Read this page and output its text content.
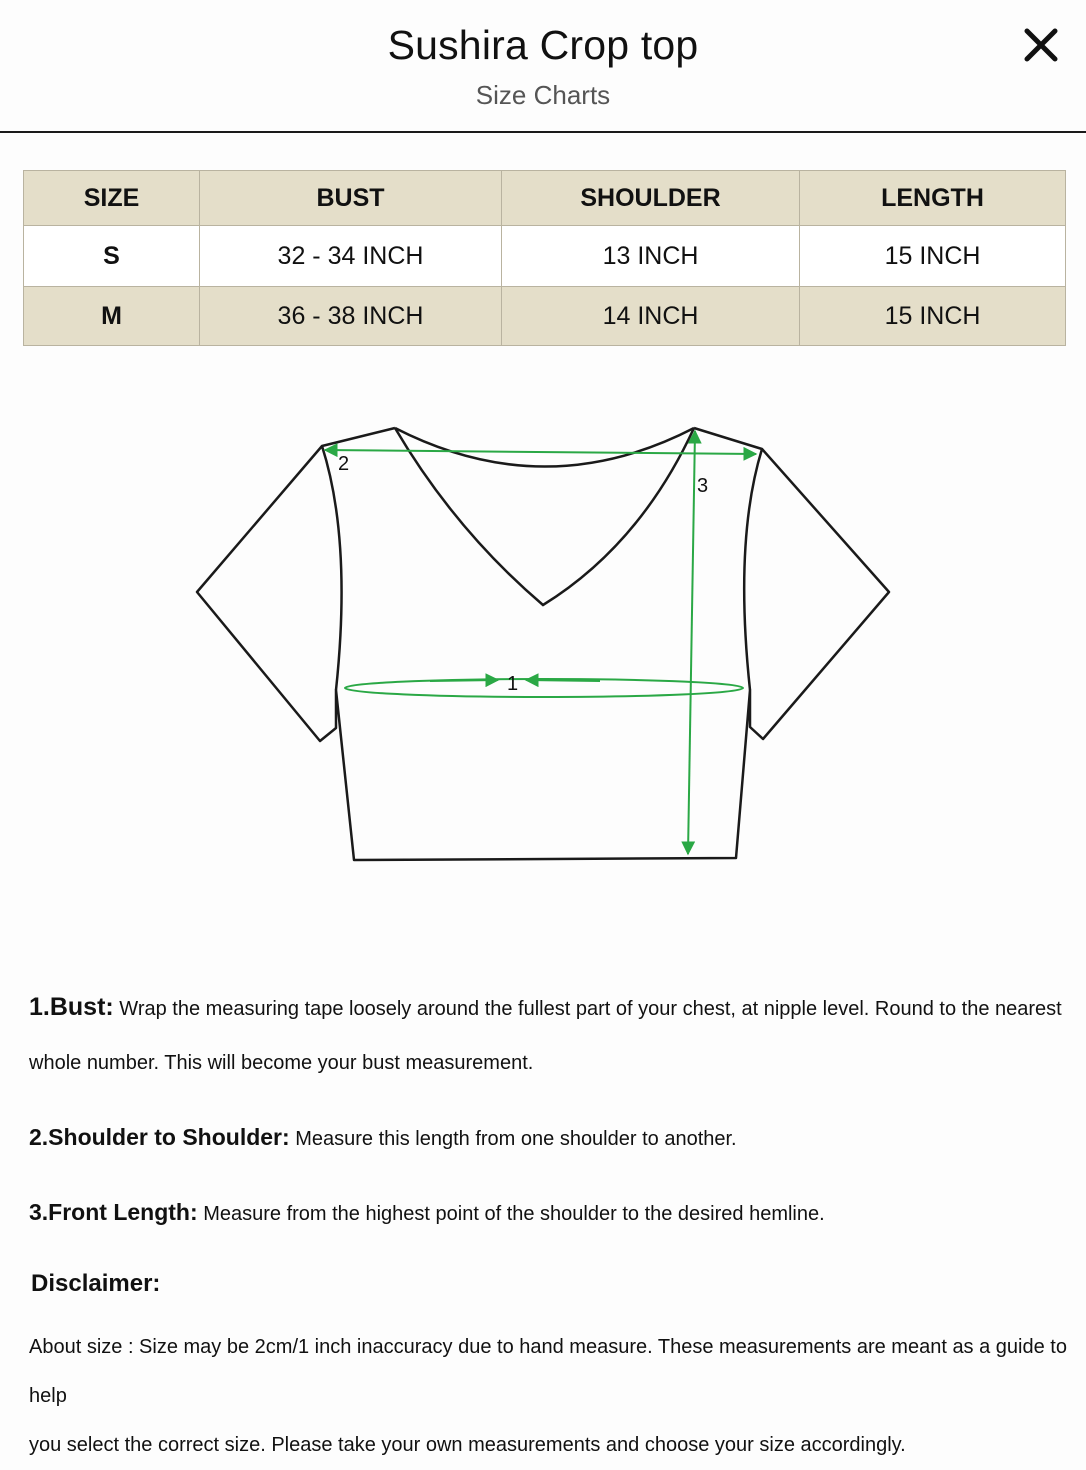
Sushira Crop top
Size Charts
SIZE	BUST	SHOULDER	LENGTH
S	32 - 34 INCH	13 INCH	15 INCH
M	36 - 38 INCH	14 INCH	15 INCH
2
3
1
1.Bust: Wrap the measuring tape loosely around the fullest part of your chest, at nipple level. Round to the nearest
whole number. This will become your bust measurement.
2.Shoulder to Shoulder: Measure this length from one shoulder to another.
3.Front Length: Measure from the highest point of the shoulder to the desired hemline.
Disclaimer:
About size : Size may be 2cm/1 inch inaccuracy due to hand measure. These measurements are meant as a guide to help
you select the correct size. Please take your own measurements and choose your size accordingly.
